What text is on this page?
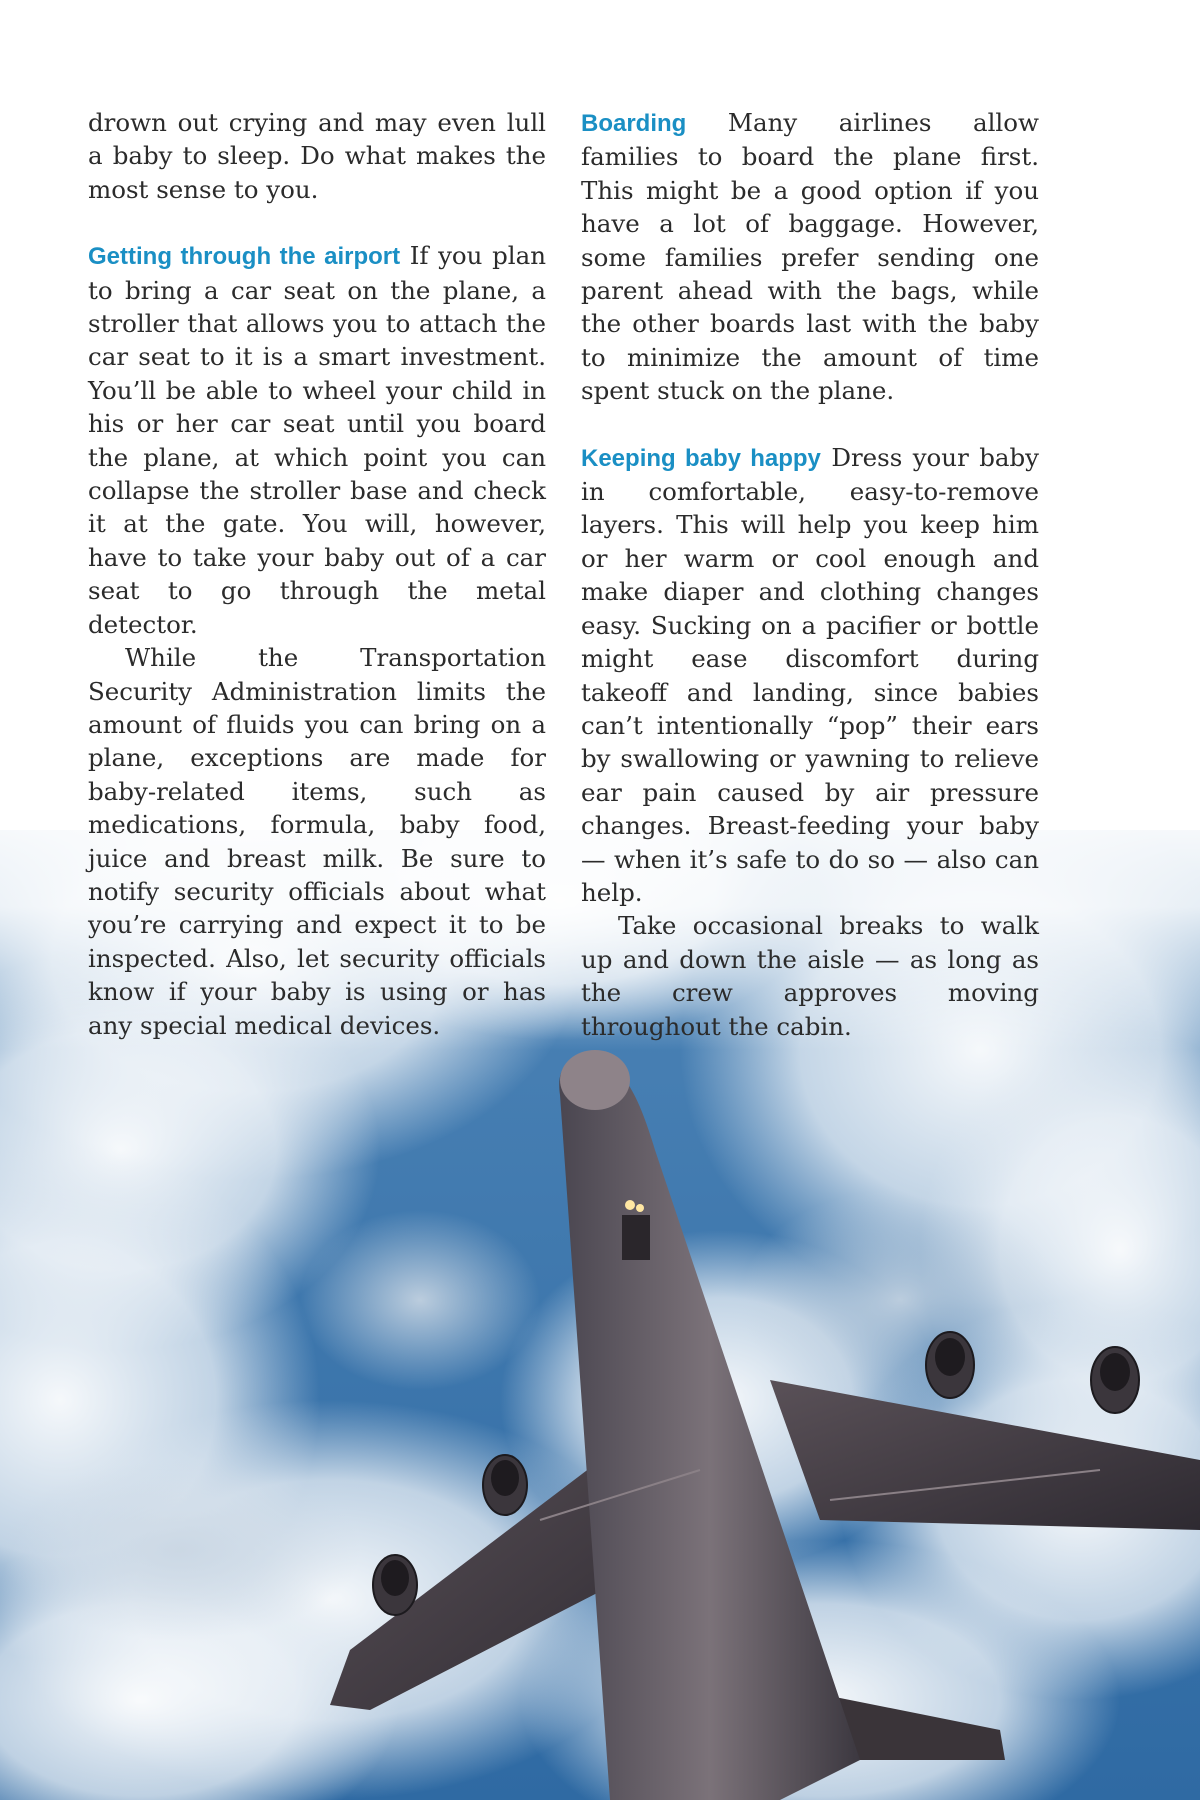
drown out crying and may even lull a baby to sleep. Do what makes the most sense to you.

Getting through the airport If you plan to bring a car seat on the plane, a stroller that allows you to attach the car seat to it is a smart investment. You’ll be able to wheel your child in his or her car seat until you board the plane, at which point you can collapse the stroller base and check it at the gate. You will, however, have to take your baby out of a car seat to go through the metal detector.

While the Transportation Security Administration limits the amount of fluids you can bring on a plane, exceptions are made for baby-related items, such as medications, formula, baby food, juice and breast milk. Be sure to notify security officials about what you’re carrying and expect it to be inspected. Also, let security officials know if your baby is using or has any special medical devices.

Boarding Many airlines allow families to board the plane first. This might be a good option if you have a lot of baggage. However, some families prefer sending one parent ahead with the bags, while the other boards last with the baby to minimize the amount of time spent stuck on the plane.

Keeping baby happy Dress your baby in comfortable, easy-to-remove layers. This will help you keep him or her warm or cool enough and make diaper and clothing changes easy. Sucking on a pacifier or bottle might ease discomfort during takeoff and landing, since babies can’t intentionally “pop” their ears by swallowing or yawning to relieve ear pain caused by air pressure changes. Breast-feeding your baby — when it’s safe to do so — also can help.

Take occasional breaks to walk up and down the aisle — as long as the crew approves moving throughout the cabin.
